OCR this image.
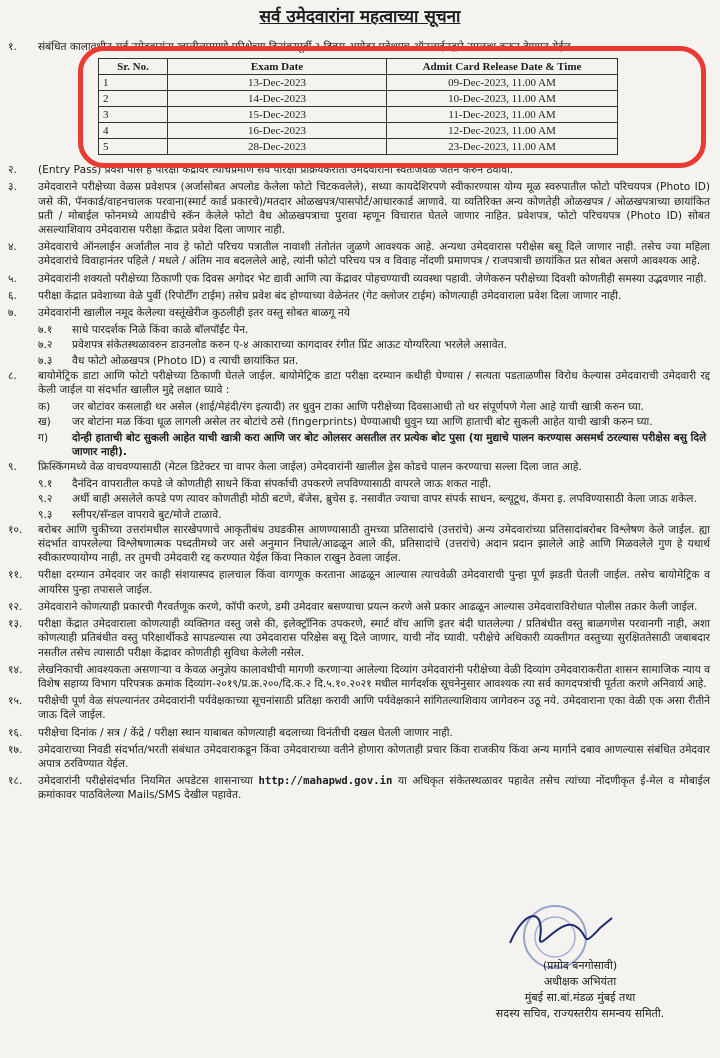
सर्व उमेदवारांना महत्वाच्या सूचना
१.	संबंधित कालावधीत सर्व उमेदवारांना खालीलप्रमाणे परिक्षेच्या दिनांकापूर्वी ३ दिवस अगोदर प्रवेशपत्र ऑनलाईनद्वारे उपलब्ध करुन देण्यात येईल.
Sr. No.	Exam Date	Admit Card Release Date & Time
1	13-Dec-2023	09-Dec-2023, 11.00 AM
2	14-Dec-2023	10-Dec-2023, 11.00 AM
3	15-Dec-2023	11-Dec-2023, 11.00 AM
4	16-Dec-2023	12-Dec-2023, 11.00 AM
5	28-Dec-2023	23-Dec-2023, 11.00 AM
२.	(Entry Pass) प्रवेश पास हे परिक्षा केंद्रावर त्याचप्रमाणे सर्व परिक्षा प्रक्रियेकरीता उमेदवारांनी स्वतःजवळ जतन करुन ठेवावी.
३.	उमेदवाराने परीक्षेच्या वेळस प्रवेशपत्र (अर्जासोबत अपलोड केलेला फोटो चिटकवलेले), सध्या कायदेशिरपणे स्वीकारण्यास योग्य मूळ स्वरुपातील फोटो परिचयपत्र (Photo ID) जसे की, पॅनकार्ड/वाहनचालक परवाना(स्मार्ट कार्ड प्रकारचे)/मतदार ओळखपत्र/पासपोर्ट/आधारकार्ड आणावे. या व्यतिरिक्त अन्य कोणतेही ओळखपत्र / ओळखपत्राच्या छायांकित प्रती / मोबाईल फोनमध्ये आयडीचे स्कॅन केलेले फोटो वैध ओळखपत्राचा पुरावा म्हणून विचारात घेतले जाणार नाहित. प्रवेशपत्र, फोटो परिचयपत्र (Photo ID) सोबत असल्याशिवाय उमेदवारास परीक्षा केंद्रात प्रवेश दिला जाणार नाही.
४.	उमेदवाराचे ऑनलाईन अर्जातील नाव हे फोटो परिचय पत्रातील नावाशी तंतोतंत जुळणे आवश्यक आहे. अन्यथा उमेदवारास परीक्षेस बसू दिले जाणार नाही. तसेच ज्या महिला उमेदवारांचे विवाहानंतर पहिले / मधले / अंतिम नाव बदललेले आहे, त्यांनी फोटो परिचय पत्र व विवाह नोंदणी प्रमाणपत्र / राजपत्राची छायांकित प्रत सोबत असणे आवश्यक आहे.
५.	उमेदवारांनी शक्यतो परीक्षेच्या ठिकाणी एक दिवस अगोदर भेट द्यावी आणि त्या केंद्रावर पोहचण्याची व्यवस्था पहावी. जेणेकरुन परीक्षेच्या दिवशी कोणतीही समस्या उद्भवणार नाही.
६.	परीक्षा केंद्रात प्रवेशाच्या वेळे पुर्वी (रिपोर्टींग टाईम) तसेच प्रवेश बंद होण्याच्या वेळेनंतर (गेट क्लोजर टाईम) कोणत्याही उमेदवाराला प्रवेश दिला जाणार नाही.
७.	उमेदवारांनी खालील नमूद केलेल्या वस्तूंखेरीज कुठलीही इतर वस्तु सोबत बाळगू नये
७.१	साधे पारदर्शक निळे किंवा काळे बॉलपॉईंट पेन.
७.२	प्रवेशपत्र संकेतस्थळावरुन डाउनलोड करुन ए-४ आकाराच्या कागदावर रंगीत प्रिंट आऊट योग्यरित्या भरलेले असावेत.
७.३	वैध फोटो ओळखपत्र (Photo ID) व त्याची छायांकित प्रत.
८.	बायोमेट्रिक डाटा आणि फोटो परीक्षेच्या ठिकाणी घेतले जाईल. बायोमेट्रिक डाटा परीक्षा दरम्यान कधीही घेण्यास / सत्यता पडताळणीस विरोध केल्यास उमेदवाराची उमेदवारी रद्द केली जाईल या संदर्भात खालील मुद्दे लक्षात घ्यावे :
क)	जर बोटांवर कसलाही थर असेल (शाई/मेहंदी/रंग इत्यादी) तर धुवुन टाका आणि परीक्षेच्या दिवसाआधी तो थर संपूर्णपणे गेला आहे याची खात्री करुन घ्या.
ख)	जर बोटांना मळ किंवा धूळ लागली असेल तर बोटांचे ठसे (fingerprints) घेण्याआधी धुवुन घ्या आणि हाताची बोट सुकली आहेत याची खात्री करुन घ्या.
ग)	दोन्ही हाताची बोट सुकली आहेत याची खात्री करा आणि जर बोट ओलसर असतील तर प्रत्येक बोट पुसा (या मुद्याचे पालन करण्यास असमर्थ ठरल्यास परीक्षेस बसु दिले जाणार नाही).
९.	फ्रिस्किंगमध्ये वेळ वाचवण्यासाठी (मेटल डिटेक्टर चा वापर केला जाईल) उमेदवारांनी खालील ड्रेस कोडचे पालन करण्याचा सल्ला दिला जात आहे.
९.१	दैनंदिन वापरातील कपडे जे कोणतीही साधने किंवा संपर्काची उपकरणे लपविण्यासाठी वापरले जाऊ शकत नाही.
९.२	अर्धी बाही असलेले कपडे पण त्यावर कोणतीही मोठी बटणे, बॅजेस, ब्रुचेस इ. नसावीत ज्याचा वापर संपर्क साधन, ब्ल्यूटूथ, कॅमरा इ. लपविण्यासाठी केला जाऊ शकेल.
९.३	स्लीपर/सॅन्डल वापरावे बुट/मोजे टाळावे.
१०.	बरोबर आणि चुकीच्या उत्तरांमधील सारखेपणाचे आकृतीबंध उघडकीस आणण्यासाठी तुमच्या प्रतिसादांचे (उत्तरांचे) अन्य उमेदवारांच्या प्रतिसादांबरोबर विश्लेषण केले जाईल. ह्या संदर्भात वापरलेल्या विश्लेषणात्मक पध्दतीमध्ये जर असे अनुमान निघाले/आढळून आले की, प्रतिसादांचे (उत्तरांचे) अदान प्रदान झालेले आहे आणि मिळवलेले गुण हे यथार्थ स्वीकारण्यायोग्य नाही, तर तुमची उमेदवारी रद्द करण्यात येईल किंवा निकाल राखुन ठेवला जाईल.
११.	परीक्षा दरम्यान उमेदवार जर काही संशयास्पद हालचाल किंवा वागणूक करताना आढळून आल्यास त्याचवेळी उमेदवाराची पुन्हा पूर्ण झडती घेतली जाईल. तसेच बायोमेट्रिक व आयरिस पुन्हा तपासले जाईल.
१२.	उमेदवाराने कोणत्याही प्रकारची गैरवर्तणूक करणे, कॉपी करणे, डमी उमेदवार बसण्याचा प्रयत्न करणे असे प्रकार आढळून आल्यास उमेदवाराविरोधात पोलीस तक्रार केली जाईल.
१३.	परीक्षा केंद्रात उमेदवाराला कोणत्याही व्यक्तिगत वस्तु जसे की, इलेक्ट्रॉनिक उपकरणे, स्मार्ट वॉच आणि इतर बंदी घातलेल्या / प्रतिबंधीत वस्तु बाळगणेस परवानगी नाही, अशा कोणत्याही प्रतिबंधीत वस्तु परिक्षार्थीकडे सापडल्यास त्या उमेदवारास परिक्षेस बसू दिले जाणार, याची नोंद घ्यावी. परीक्षेचे अधिकारी व्यक्तीगत वस्तुच्या सुरक्षिततेसाठी जबाबदार नसतील तसेच त्यासाठी परीक्षा केंद्रावर कोणतीही सुविधा केलेली नसेल.
१४.	लेखनिकाची आवश्यकता असणाऱ्या व केवळ अनुज्ञेय कालावधीची मागणी करणाऱ्या आलेल्या दिव्यांग उमेदवारांनी परीक्षेच्या वेळी दिव्यांग उमेदवाराकरीता शासन सामाजिक न्याय व विशेष सहाय्य विभाग परिपत्रक क्रमांक दिव्यांग-२०१९/प्र.क्र.२००/दि.क.२ दि.५.१०.२०२१ मधील मार्गदर्शक सूचनेनुसार आवश्यक त्या सर्व कागदपत्रांची पूर्तता करणे अनिवार्य आहे.
१५.	परीक्षेची पूर्ण वेळ संपल्यानंतर उमेदवारांनी पर्यवेक्षकाच्या सूचनांसाठी प्रतिक्षा करावी आणि पर्यवेक्षकाने सांगितल्याशिवाय जागेवरुन उठू नये. उमेदवाराना एका वेळी एक असा रीतीने जाऊ दिले जाईल.
१६.	परीक्षेचा दिनांक / सत्र / केंद्रे / परीक्षा स्थान याबाबत कोणत्याही बदलाच्या विनंतीची दखल घेतली जाणार नाही.
१७.	उमेदवाराच्या निवडी संदर्भात/भरती संबंधात उमेदवाराकडून किंवा उमेदवाराच्या वतीने होणारा कोणताही प्रचार किंवा राजकीय किंवा अन्य मार्गाने दबाव आणल्यास संबंधित उमेदवार अपात्र ठरविण्यात येईल.
१८.	उमेदवारांनी परीक्षेसंदर्भात नियमित अपडेटस शासनाच्या http://mahapwd.gov.in या अधिकृत संकेतस्थळावर पहावेत तसेच त्यांच्या नोंदणीकृत ई-मेल व मोबाईल क्रमांकावर पाठविलेल्या Mails/SMS देखील पहावेत.
(प्रमोद बनगोसावी)
अधीक्षक अभियंता
मुंबई सा.बां.मंडळ मुंबई तथा
सदस्य सचिव, राज्यस्तरीय समन्वय समिती.
